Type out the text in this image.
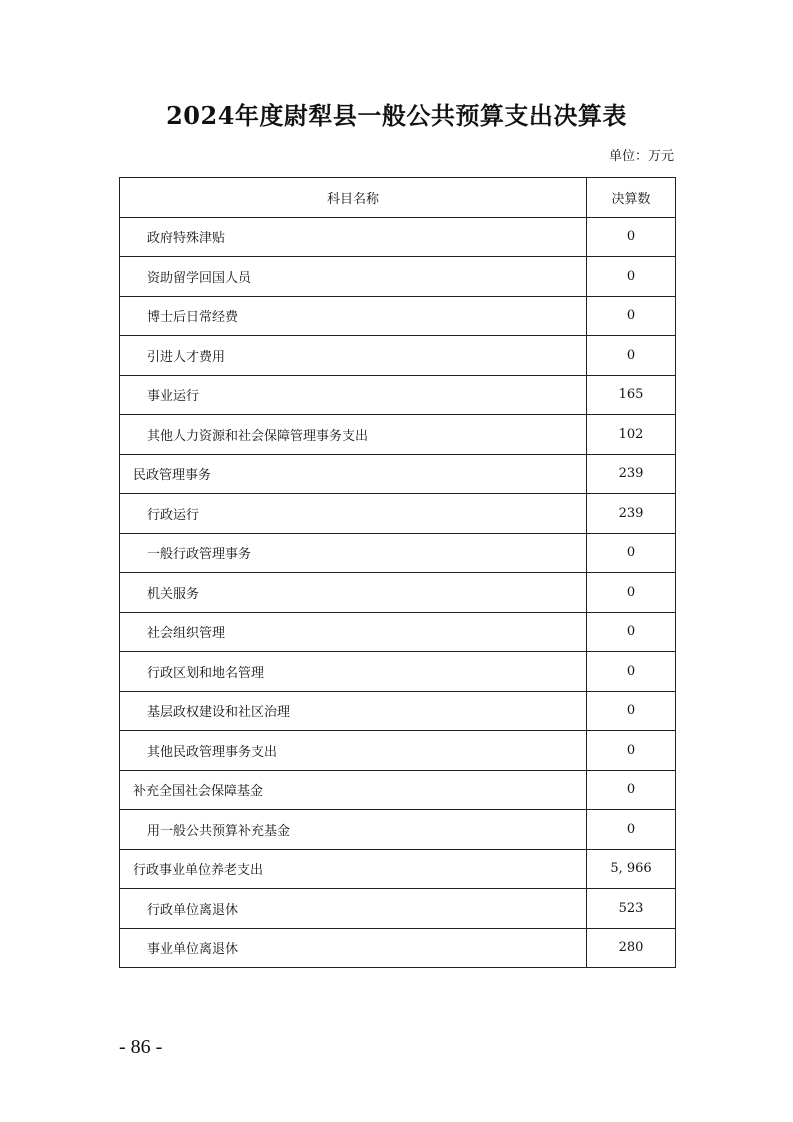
2024年度尉犁县一般公共预算支出决算表
单位：万元
科目名称	决算数
政府特殊津贴	0
资助留学回国人员	0
博士后日常经费	0
引进人才费用	0
事业运行	165
其他人力资源和社会保障管理事务支出	102
民政管理事务	239
行政运行	239
一般行政管理事务	0
机关服务	0
社会组织管理	0
行政区划和地名管理	0
基层政权建设和社区治理	0
其他民政管理事务支出	0
补充全国社会保障基金	0
用一般公共预算补充基金	0
行政事业单位养老支出	5, 966
行政单位离退休	523
事业单位离退休	280
- 86 -
